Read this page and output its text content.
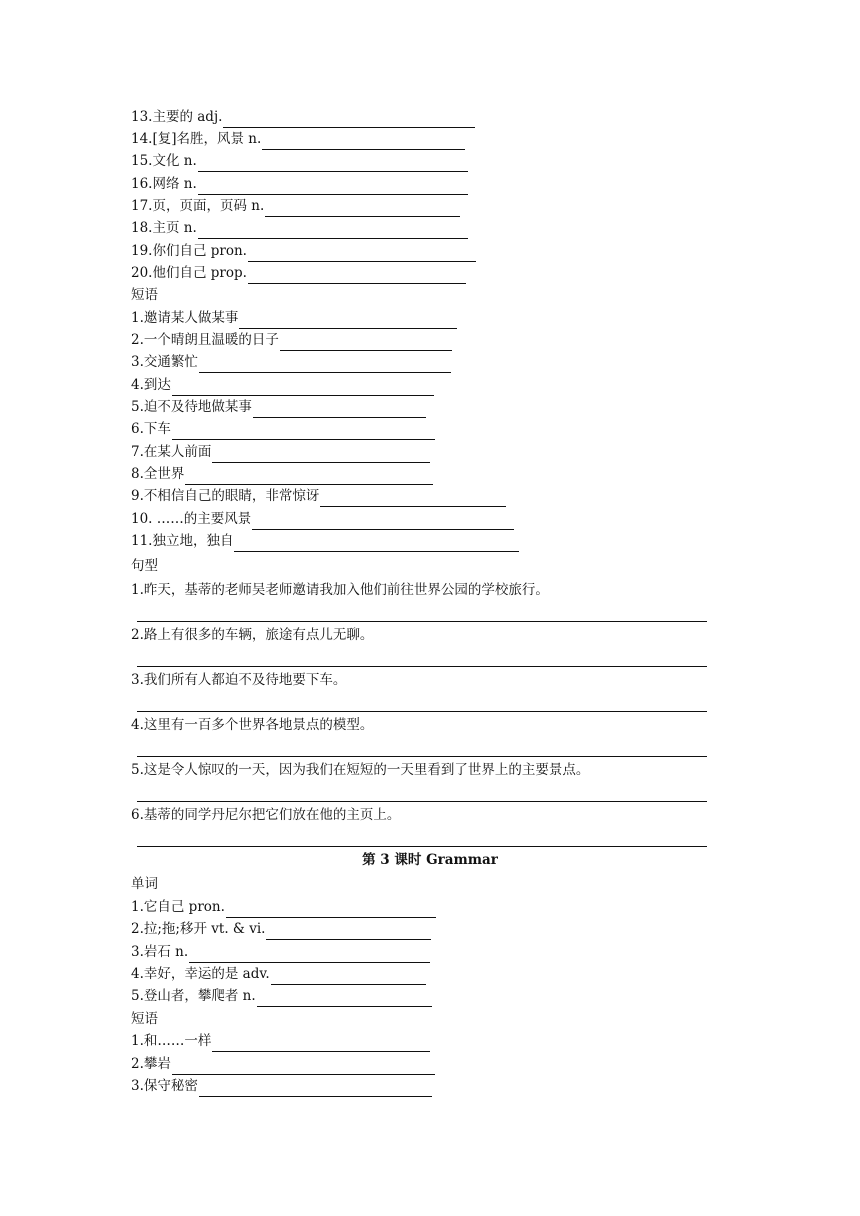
13.主要的 adj.
14.[复]名胜，风景 n.
15.文化 n.
16.网络 n.
17.页，页面，页码 n.
18.主页 n.
19.你们自己 pron.
20.他们自己 prop.
短语
1.邀请某人做某事
2.一个晴朗且温暖的日子
3.交通繁忙
4.到达
5.迫不及待地做某事
6.下车
7.在某人前面
8.全世界
9.不相信自己的眼睛，非常惊讶
10. ……的主要风景
11.独立地，独自
句型
1.昨天，基蒂的老师吴老师邀请我加入他们前往世界公园的学校旅行。
2.路上有很多的车辆，旅途有点儿无聊。
3.我们所有人都迫不及待地要下车。
4.这里有一百多个世界各地景点的模型。
5.这是令人惊叹的一天，因为我们在短短的一天里看到了世界上的主要景点。
6.基蒂的同学丹尼尔把它们放在他的主页上。
第 3 课时 Grammar
单词
1.它自己 pron.
2.拉;拖;移开 vt. & vi.
3.岩石 n.
4.幸好，幸运的是 adv.
5.登山者，攀爬者 n.
短语
1.和……一样
2.攀岩
3.保守秘密
